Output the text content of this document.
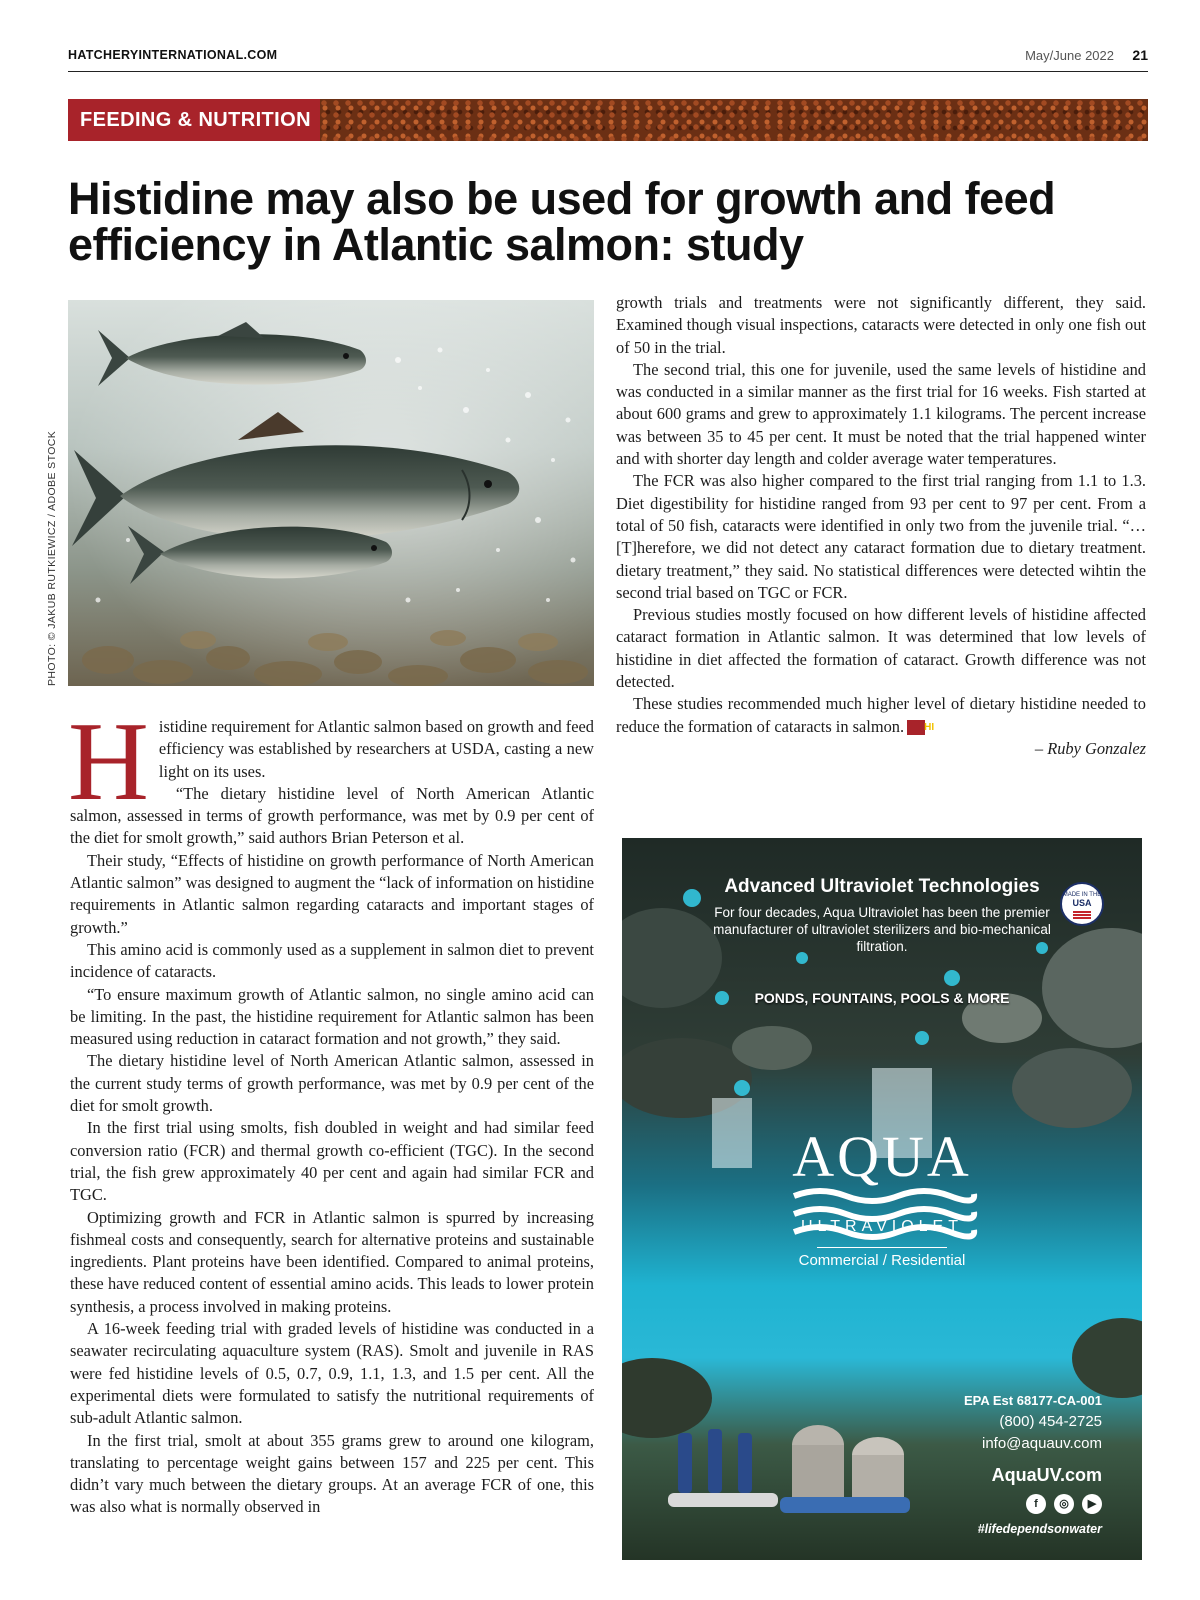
HATCHERYINTERNATIONAL.COM	May/June 2022 21
FEEDING & NUTRITION
Histidine may also be used for growth and feed
efficiency in Atlantic salmon: study
PHOTO: © JAKUB RUTKIEWICZ / ADOBE STOCK
H istidine requirement for Atlantic salmon based on growth and feed efficiency was established by researchers at USDA, casting a new light on its uses.

“The dietary histidine level of North American Atlantic salmon, assessed in terms of growth performance, was met by 0.9 per cent of the diet for smolt growth,” said authors Brian Peterson et al.

Their study, “Effects of histidine on growth performance of North American Atlantic salmon” was designed to augment the “lack of information on histidine requirements in Atlantic salmon regarding cataracts and important stages of growth.”

This amino acid is commonly used as a supplement in salmon diet to prevent incidence of cataracts.

“To ensure maximum growth of Atlantic salmon, no single amino acid can be limiting. In the past, the histidine requirement for Atlantic salmon has been measured using reduction in cataract formation and not growth,” they said.

The dietary histidine level of North American Atlantic salmon, assessed in the current study terms of growth performance, was met by 0.9 per cent of the diet for smolt growth.

In the first trial using smolts, fish doubled in weight and had similar feed conversion ratio (FCR) and thermal growth co-efficient (TGC). In the second trial, the fish grew approximately 40 per cent and again had similar FCR and TGC.

Optimizing growth and FCR in Atlantic salmon is spurred by increasing fishmeal costs and consequently, search for alternative proteins and sustainable ingredients. Plant proteins have been identified. Compared to animal proteins, these have reduced content of essential amino acids. This leads to lower protein synthesis, a process involved in making proteins.

A 16-week feeding trial with graded levels of histidine was conducted in a seawater recirculating aquaculture system (RAS). Smolt and juvenile in RAS were fed histidine levels of 0.5, 0.7, 0.9, 1.1, 1.3, and 1.5 per cent. All the experimental diets were formulated to satisfy the nutritional requirements of sub-adult Atlantic salmon.

In the first trial, smolt at about 355 grams grew to around one kilogram, translating to percentage weight gains between 157 and 225 per cent. This didn’t vary much between the dietary groups. At an average FCR of one, this was also what is normally observed in

growth trials and treatments were not significantly different, they said. Examined though visual inspections, cataracts were detected in only one fish out of 50 in the trial.

The second trial, this one for juvenile, used the same levels of histidine and was conducted in a similar manner as the first trial for 16 weeks. Fish started at about 600 grams and grew to approximately 1.1 kilograms. The percent increase was between 35 to 45 per cent. It must be noted that the trial happened winter and with shorter day length and colder average water temperatures.

The FCR was also higher compared to the first trial ranging from 1.1 to 1.3. Diet digestibility for histidine ranged from 93 per cent to 97 per cent. From a total of 50 fish, cataracts were identified in only two from the juvenile trial. “…[T]herefore, we did not detect any cataract formation due to dietary treatment. dietary treatment,” they said. No statistical differences were detected wihtin the second trial based on TGC or FCR.

Previous studies mostly focused on how different levels of histidine affected cataract formation in Atlantic salmon. It was determined that low levels of histidine in diet affected the formation of cataract. Growth difference was not detected.

These studies recommended much higher level of dietary histidine needed to reduce the formation of cataracts in salmon. HI

– Ruby Gonzalez

Advanced Ultraviolet Technologies
For four decades, Aqua Ultraviolet has been the premier manufacturer of ultraviolet sterilizers and bio-mechanical filtration.
MADE IN THE
USA
PONDS, FOUNTAINS, POOLS & MORE
AQUA
ULTRAVIOLET
Commercial / Residential
EPA Est 68177-CA-001
(800) 454-2725
info@aquauv.com
AquaUV.com
f ◎ ▶
#lifedependsonwater
